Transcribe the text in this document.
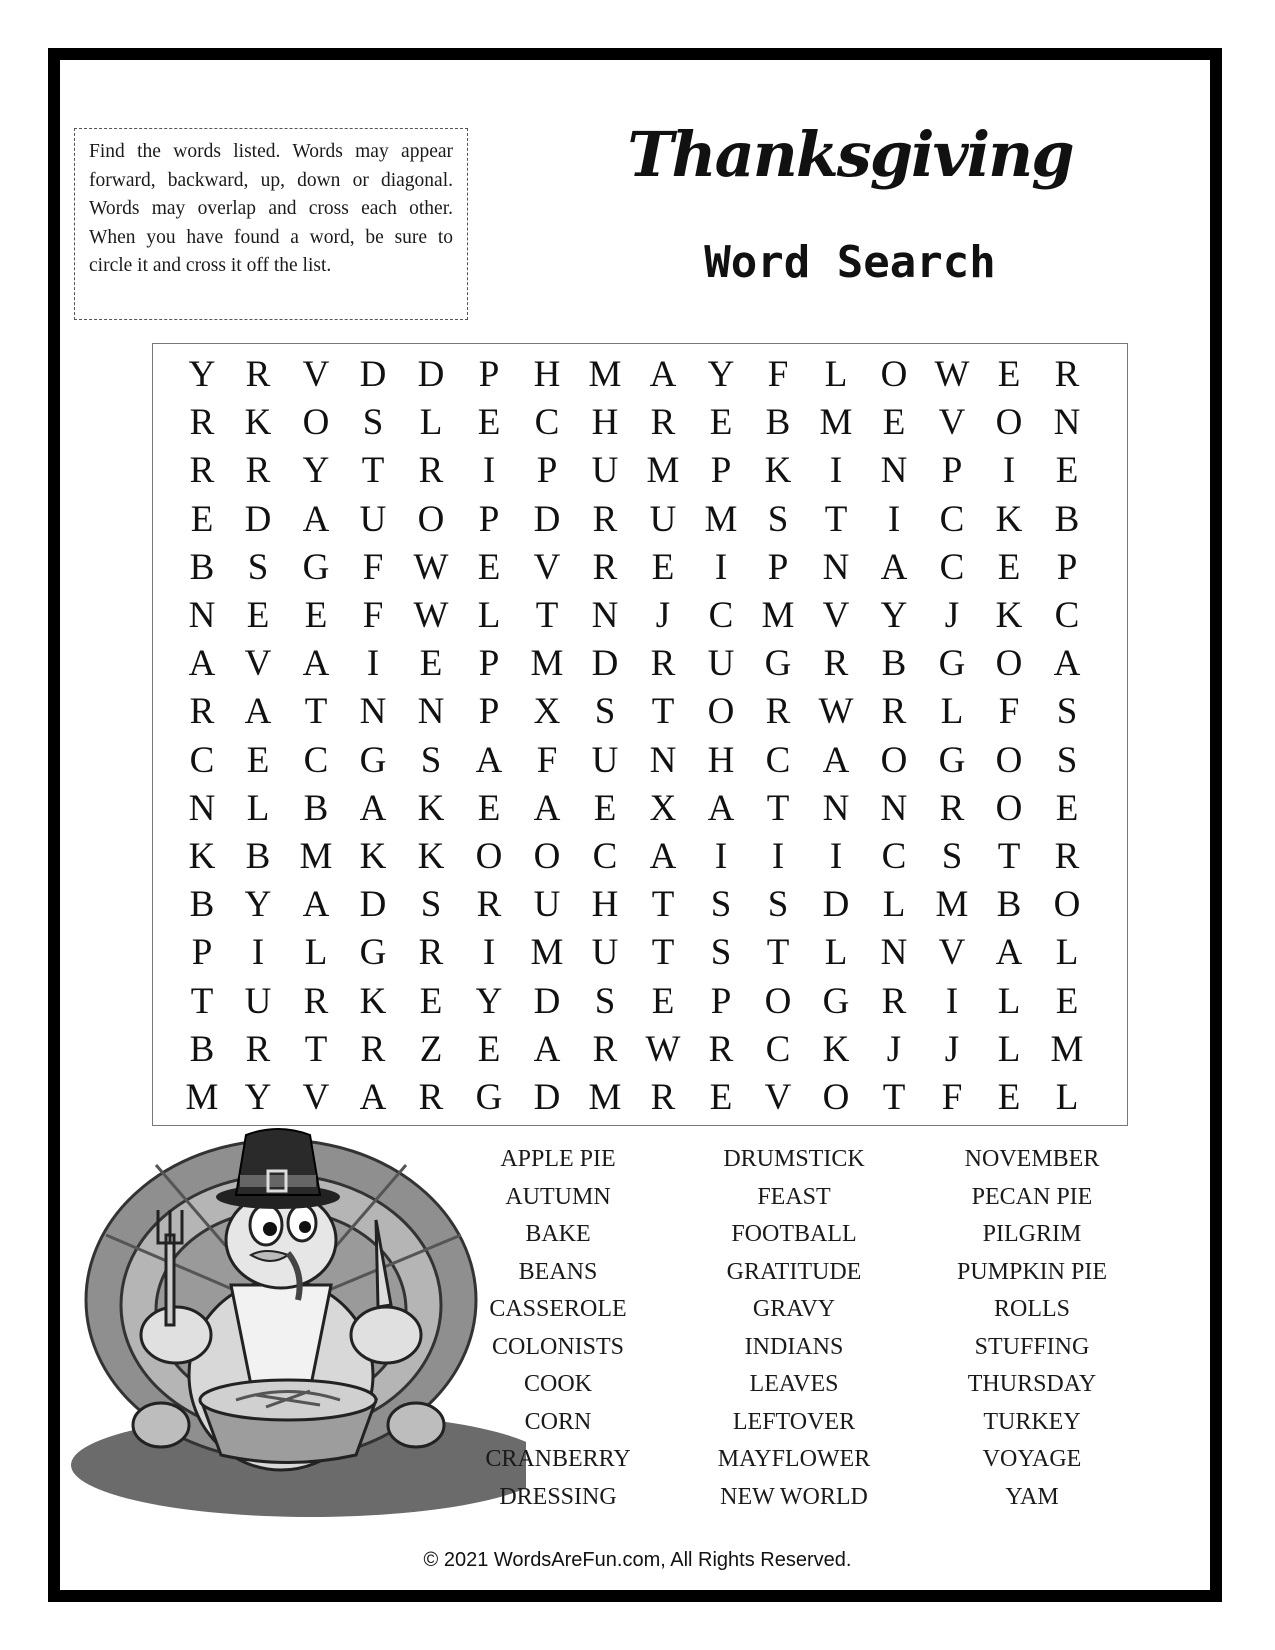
Find the words listed. Words may appear forward, backward, up, down or diagonal. Words may overlap and cross each other. When you have found a word, be sure to circle it and cross it off the list.
Thanksgiving
Word Search
Y R V D D P H M A Y F L O W E R
R K O S L E C H R E B M E V O N
R R Y T R	I	P U M P K	I	N P	I	E
E D A U O P D R U M S T	I	C K B
B S G F W E V R E	I	P N A C E P
N E E F W L T N	J	C M V Y	J K C
A V A	I	E P M D R U G R B G O A
R A T N N P X S T O R W R L F	S
C E C G S A F U N H C A O G O S
N L B A K E A E X A T N N R O E
K B M K K O O C A	I	I	I	C S T R
B Y A D S R U H T S S D L M B O
P	I	L G R	I M U T S T L N V A L
T U R K E Y D S E P O G R	I	L E
B R T R Z E A R W R C K	J	J	L M
M Y V A R G D M R E V O T F E L
APPLE PIE
AUTUMN
BAKE
BEANS
CASSEROLE
COLONISTS
COOK
CORN
CRANBERRY
DRESSING
DRUMSTICK
FEAST
FOOTBALL
GRATITUDE
GRAVY
INDIANS
LEAVES
LEFTOVER
MAYFLOWER
NEW WORLD
NOVEMBER
PECAN PIE
PILGRIM
PUMPKIN PIE
ROLLS
STUFFING
THURSDAY
TURKEY
VOYAGE
YAM
© 2021 WordsAreFun.com, All Rights Reserved.
